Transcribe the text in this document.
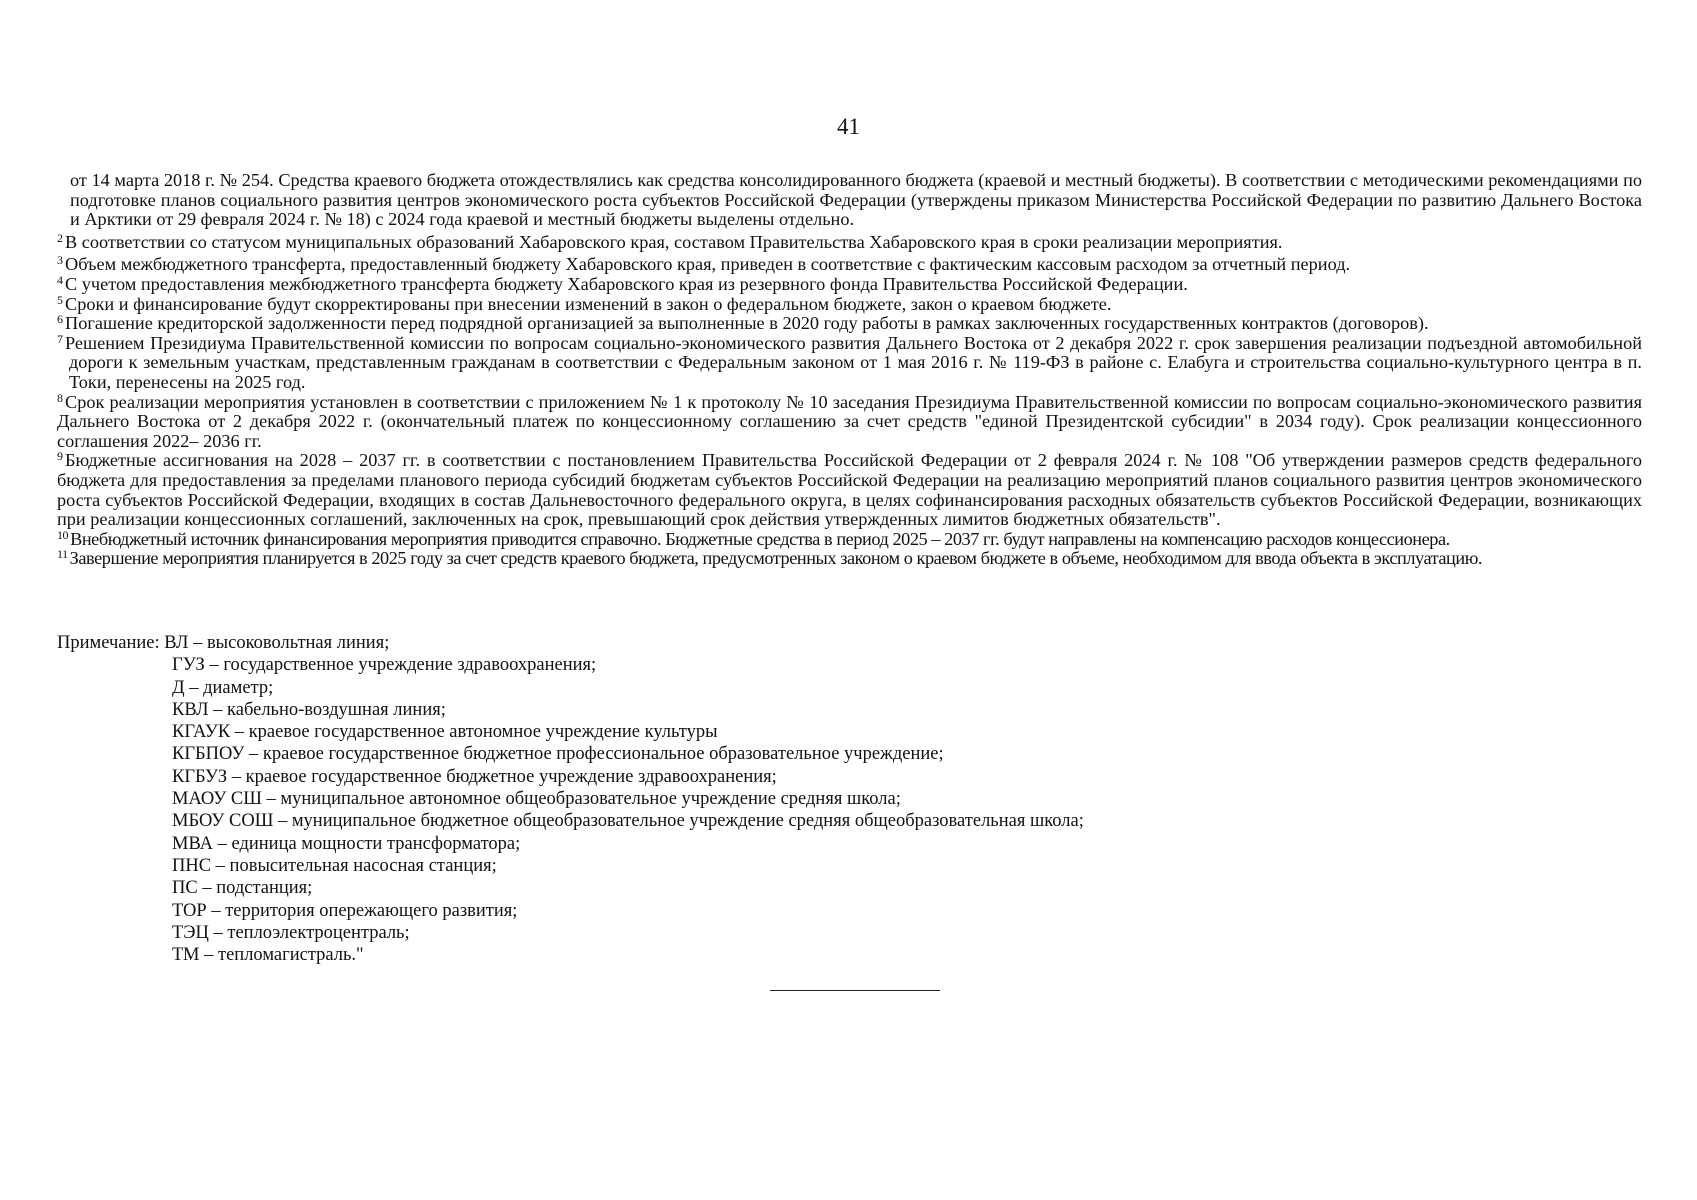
41
от 14 марта 2018 г. № 254. Средства краевого бюджета отождествлялись как средства консолидированного бюджета (краевой и местный бюджеты). В соответствии с методическими рекомендациями по подготовке планов социального развития центров экономического роста субъектов Российской Федерации (утверждены приказом Министерства Российской Федерации по развитию Дальнего Востока и Арктики от 29 февраля 2024 г. № 18) с 2024 года краевой и местный бюджеты выделены отдельно.
$^2$ В соответствии со статусом муниципальных образований Хабаровского края, составом Правительства Хабаровского края в сроки реализации мероприятия.
$^3$ Объем межбюджетного трансферта, предоставленный бюджету Хабаровского края, приведен в соответствие с фактическим кассовым расходом за отчетный период.
$^4$ С учетом предоставления межбюджетного трансферта бюджету Хабаровского края из резервного фонда Правительства Российской Федерации.
$^5$ Сроки и финансирование будут скорректированы при внесении изменений в закон о федеральном бюджете, закон о краевом бюджете.
$^6$ Погашение кредиторской задолженности перед подрядной организацией за выполненные в 2020 году работы в рамках заключенных государственных контрактов (договоров).
$^7$ Решением Президиума Правительственной комиссии по вопросам социально-экономического развития Дальнего Востока от 2 декабря 2022 г. срок завершения реализации подъездной автомобильной дороги к земельным участкам, представленным гражданам в соответствии с Федеральным законом от 1 мая 2016 г. № 119-ФЗ в районе с. Елабуга и строительства социально-культурного центра в п. Токи, перенесены на 2025 год.
$^8$ Срок реализации мероприятия установлен в соответствии с приложением № 1 к протоколу № 10 заседания Президиума Правительственной комиссии по вопросам социально-экономического развития Дальнего Востока от 2 декабря 2022 г. (окончательный платеж по концессионному соглашению за счет средств "единой Президентской субсидии" в 2034 году). Срок реализации концессионного соглашения 2022– 2036 гг.
$^9$ Бюджетные ассигнования на 2028 – 2037 гг. в соответствии с постановлением Правительства Российской Федерации от 2 февраля 2024 г. № 108 "Об утверждении размеров средств федерального бюджета для предоставления за пределами планового периода субсидий бюджетам субъектов Российской Федерации на реализацию мероприятий планов социального развития центров экономического роста субъектов Российской Федерации, входящих в состав Дальневосточного федерального округа, в целях софинансирования расходных обязательств субъектов Российской Федерации, возникающих при реализации концессионных соглашений, заключенных на срок, превышающий срок действия утвержденных лимитов бюджетных обязательств".
$^{10}$ Внебюджетный источник финансирования мероприятия приводится справочно. Бюджетные средства в период 2025 – 2037 гг. будут направлены на компенсацию расходов концессионера.
$^{11}$ Завершение мероприятия планируется в 2025 году за счет средств краевого бюджета, предусмотренных законом о краевом бюджете в объеме, необходимом для ввода объекта в эксплуатацию.
Примечание: ВЛ – высоковольтная линия;
ГУЗ – государственное учреждение здравоохранения;
Д – диаметр;
КВЛ – кабельно-воздушная линия;
КГАУК – краевое государственное автономное учреждение культуры
КГБПОУ – краевое государственное бюджетное профессиональное образовательное учреждение;
КГБУЗ – краевое государственное бюджетное учреждение здравоохранения;
МАОУ СШ – муниципальное автономное общеобразовательное учреждение средняя школа;
МБОУ СОШ – муниципальное бюджетное общеобразовательное учреждение средняя общеобразовательная школа;
МВА – единица мощности трансформатора;
ПНС – повысительная насосная станция;
ПС – подстанция;
ТОР – территория опережающего развития;
ТЭЦ – теплоэлектроцентраль;
ТМ – тепломагистраль."
